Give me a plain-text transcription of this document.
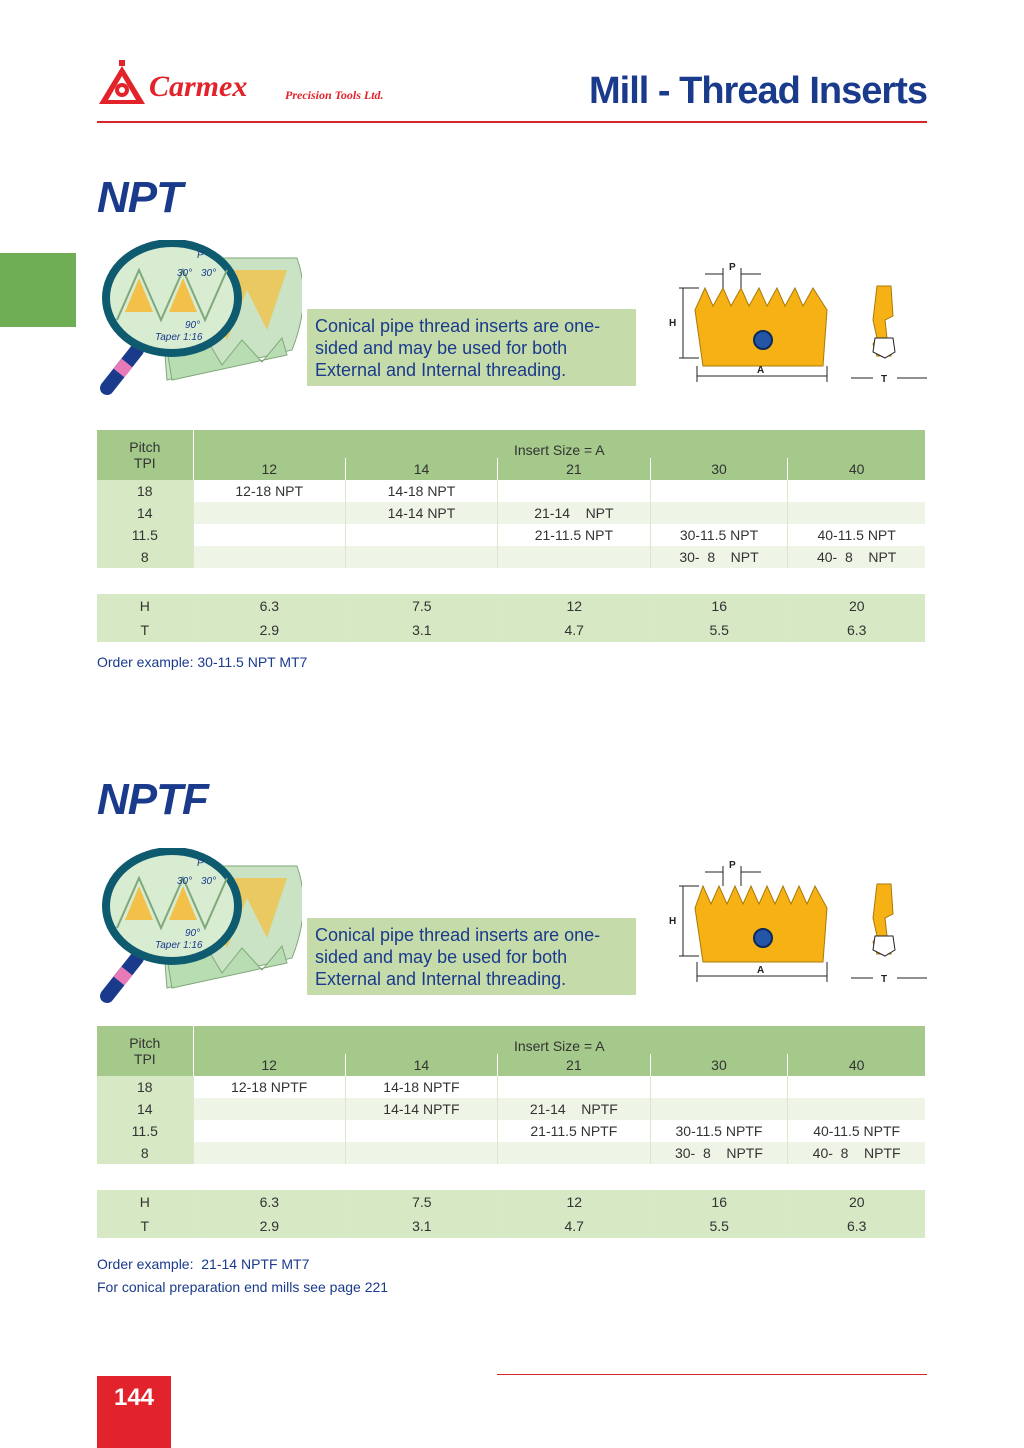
Carmex	Precision Tools Ltd.	Mill - Thread Inserts
NPT
P
30° 30°
90°
Taper 1:16
Conical pipe thread inserts are one-
sided and may be used for both
External and Internal threading.
P
H
A
T
Pitch
TPI	Insert Size = A				
	12	14	21	30	40
18	12-18 NPT	14-18 NPT			
14		14-14 NPT	21-14    NPT		
11.5			21-11.5 NPT	30-11.5 NPT	40-11.5 NPT
8				30-  8    NPT	40-  8    NPT
H	6.3	7.5	12	16	20
T	2.9	3.1	4.7	5.5	6.3
Order example: 30-11.5 NPT MT7
NPTF
P
30° 30°
90°
Taper 1:16
Conical pipe thread inserts are one-
sided and may be used for both
External and Internal threading.
P
H
A
T
Pitch
TPI	Insert Size = A				
	12	14	21	30	40
18	12-18 NPTF	14-18 NPTF			
14		14-14 NPTF	21-14    NPTF		
11.5			21-11.5 NPTF	30-11.5 NPTF	40-11.5 NPTF
8				30-  8    NPTF	40-  8    NPTF
H	6.3	7.5	12	16	20
T	2.9	3.1	4.7	5.5	6.3
Order example:  21-14 NPTF MT7
For conical preparation end mills see page 221
144
